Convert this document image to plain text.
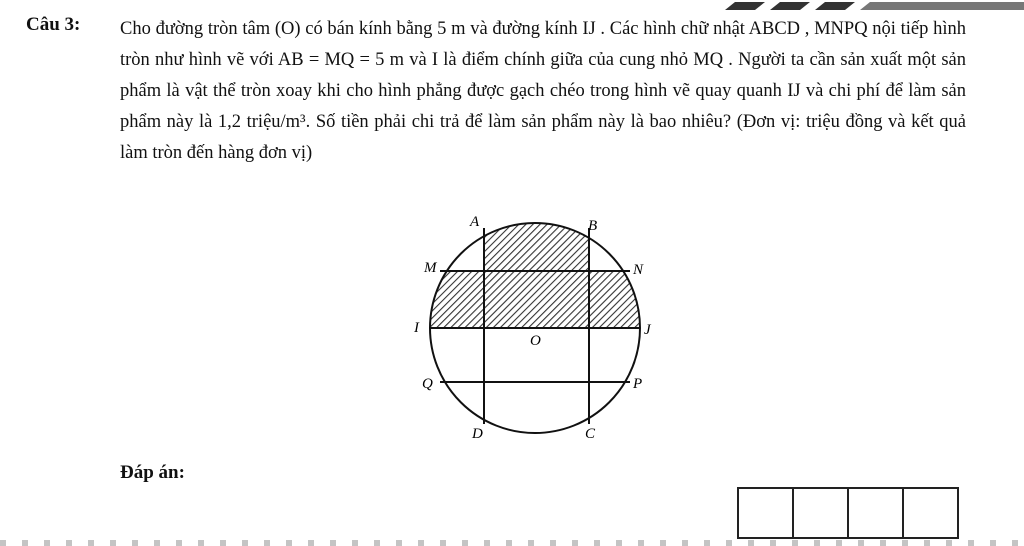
Câu 3: Cho đường tròn tâm (O) có bán kính bằng 5 m và đường kính IJ . Các hình chữ nhật ABCD , MNPQ nội tiếp hình tròn như hình vẽ với AB = MQ = 5 m và I là điểm chính giữa của cung nhỏ MQ . Người ta cần sản xuất một sản phẩm là vật thể tròn xoay khi cho hình phẳng được gạch chéo trong hình vẽ quay quanh IJ và chi phí để làm sản phẩm này là 1,2 triệu/m³. Số tiền phải chi trả để làm sản phẩm này là bao nhiêu? (Đơn vị: triệu đồng và kết quả làm tròn đến hàng đơn vị)

A	B
M	N
I
O
J
Q	P
D	C
Đáp án:
